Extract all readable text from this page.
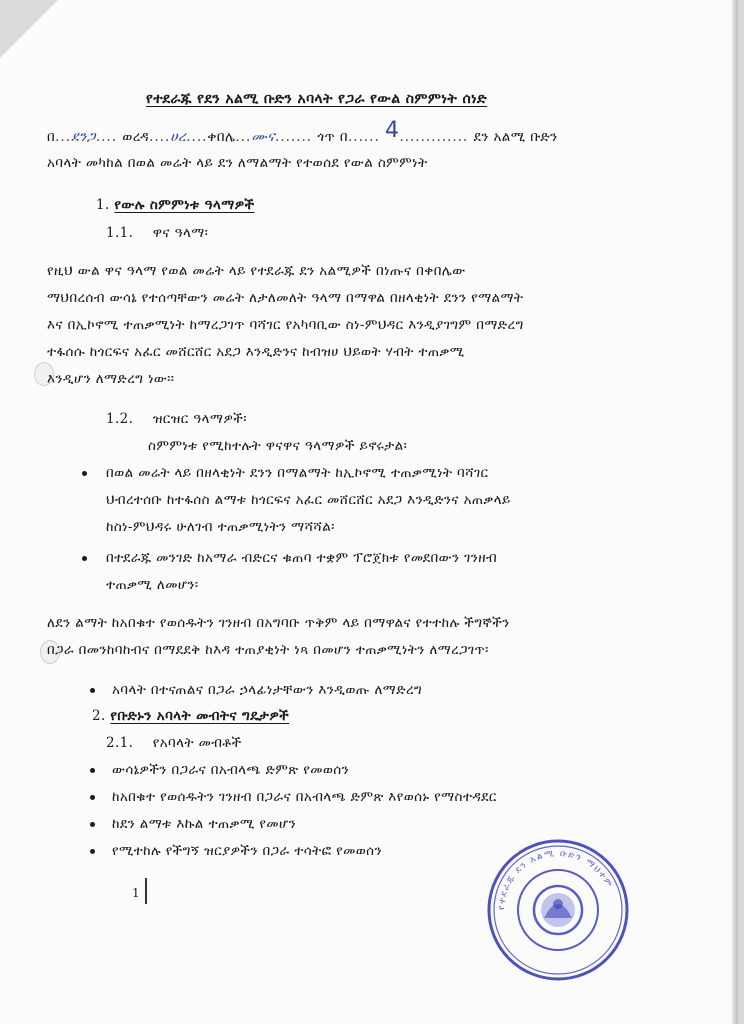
የተደራጁ የደን አልሚ ቡድን አባላት የጋራ የውል ስምምነት ሰነድ
በ...ደንጋ.... ወረዳ....ሀረ....ቀበሌ...ሙና....... ጎጥ በ...... 4............. ደን አልሚ ቡድን
አባላት መካከል በወል መሬት ላይ ደን ለማልማት የተወሰደ የውል ስምምነት
1. የውሉ ስምምነቱ ዓላማዎች
1.1. ዋና ዓላማ፡
የዚህ ውል ዋና ዓላማ የወል መሬት ላይ የተደራጁ ደን አልሚዎች በነጡና በቀበሌው
ማህበረሰብ ውሳኔ የተሰጣቸውን መሬት ለታለመለት ዓላማ በማዋል በዘላቂነት ደንን የማልማት
እና በኢኮኖሚ ተጠቃሚነት ከማረጋገጥ ባሻገር የአካባቢው ስነ-ምህዳር እንዲያገግም በማድረግ
ተፋሰሱ ከጎርፍና አፈር መሸርሸር አደጋ እንዲድንና ከብዝሀ ህይወት ሃብት ተጠቃሚ
እንዲሆን ለማድረግ ነው፡፡
1.2. ዝርዝር ዓላማዎች፡
ስምምነቱ የሚከተሉት ዋናዋና ዓላማዎች ይኖሩታል፡
በወል መሬት ላይ በዘላቂነት ደንን በማልማት ከኢኮኖሚ ተጠቃሚነት ባሻገር
ህብረተሰቡ ከተፋሰስ ልማቱ ከጎርፍና አፈር መሸርሸር አደጋ እንዲድንና አጠቃላይ
ከስነ-ምህዳሩ ሁለገብ ተጠቃሚነትን ማሻሻል፡
በተደራጁ መንገድ ከአማራ ብድርና ቁጠባ ተቋም ፕሮጀክቱ የመደበውን ገንዘብ
ተጠቃሚ ለመሆን፡
ለደን ልማት ከአበቁተ የወሰዱትን ገንዘብ በአግባቡ ጥቅም ላይ በማዋልና የተተከሉ ችግኞችን
በጋራ በመንከባከብና በማደደቅ ከእዳ ተጠያቂነት ነጻ በመሆን ተጠቃሚነትን ለማረጋገጥ፡
አባላት በተናጠልና በጋራ ኃላፊነታቸውን እንዲወጡ ለማድረግ
2. የቡድኑን አባላት መብትና ግዴታዎች
2.1. የአባላት መብቶች
ውሳኔዎችን በጋራና በአብላጫ ድምጽ የመወሰን
ከአበቁተ የወሰዱትን ገንዘብ በጋራና በአብላጫ ድምጽ እየወሰኑ የማስተዳደር
ከደን ልማቱ እኩል ተጠቃሚ የመሆን
የሚተከሉ የችግኝ ዝርያዎችን በጋራ ተሳትፎ የመወሰን
1
የተደራጁ ደን አልሚ ቡድን ማህተም
